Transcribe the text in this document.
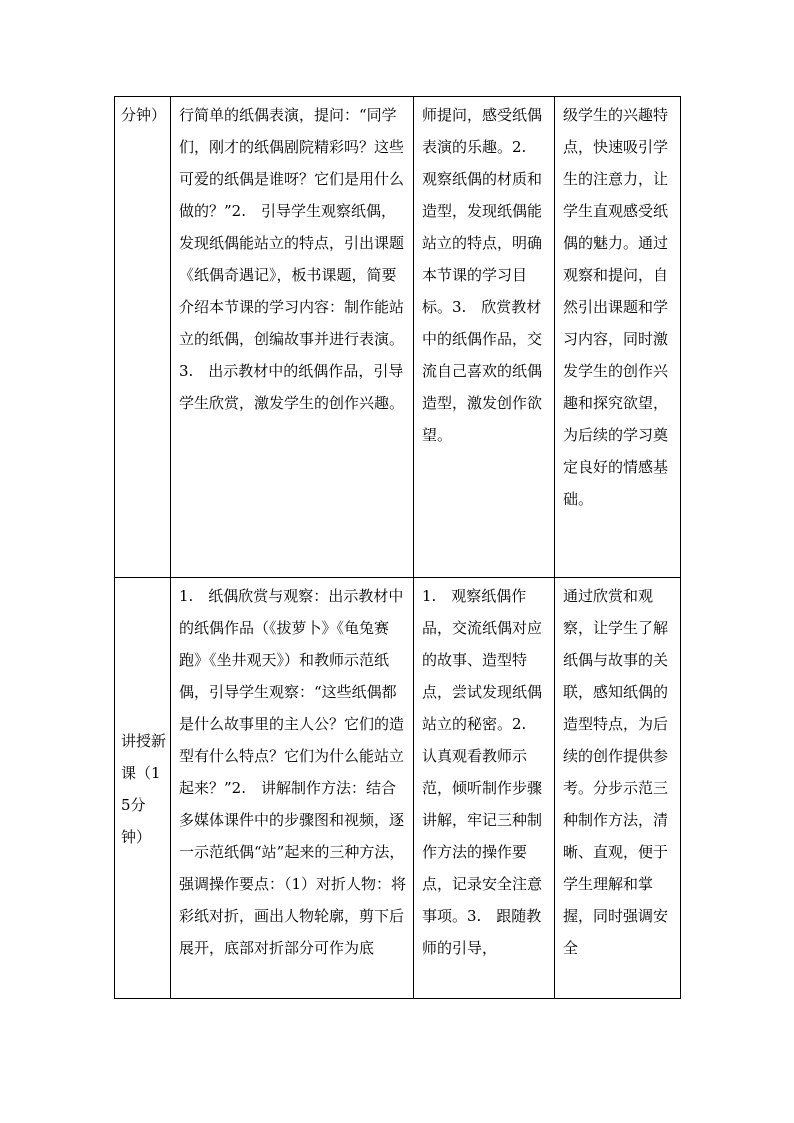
分钟）	行简单的纸偶表演，提问：“同学们，刚才的纸偶剧院精彩吗？这些可爱的纸偶是谁呀？它们是用什么做的？”2.　引导学生观察纸偶，发现纸偶能站立的特点，引出课题《纸偶奇遇记》，板书课题，简要介绍本节课的学习内容：制作能站立的纸偶，创编故事并进行表演。3.　出示教材中的纸偶作品，引导学生欣赏，激发学生的创作兴趣。	师提问，感受纸偶表演的乐趣。2.　观察纸偶的材质和造型，发现纸偶能站立的特点，明确本节课的学习目标。3.　欣赏教材中的纸偶作品，交流自己喜欢的纸偶造型，激发创作欲望。	级学生的兴趣特点，快速吸引学生的注意力，让学生直观感受纸偶的魅力。通过观察和提问，自然引出课题和学习内容，同时激发学生的创作兴趣和探究欲望，为后续的学习奠定良好的情感基础。

讲授新课（15分钟）	1.　纸偶欣赏与观察：出示教材中的纸偶作品（《拔萝卜》《龟兔赛跑》《坐井观天》）和教师示范纸偶，引导学生观察：“这些纸偶都是什么故事里的主人公？它们的造型有什么特点？它们为什么能站立起来？”2.　讲解制作方法：结合多媒体课件中的步骤图和视频，逐一示范纸偶“站”起来的三种方法，强调操作要点：（1）对折人物：将彩纸对折，画出人物轮廓，剪下后展开，底部对折部分可作为底	1.　观察纸偶作品，交流纸偶对应的故事、造型特点，尝试发现纸偶站立的秘密。2.　认真观看教师示范，倾听制作步骤讲解，牢记三种制作方法的操作要点，记录安全注意事项。3.　跟随教师的引导，	通过欣赏和观察，让学生了解纸偶与故事的关联，感知纸偶的造型特点，为后续的创作提供参考。分步示范三种制作方法，清晰、直观，便于学生理解和掌握，同时强调安全
